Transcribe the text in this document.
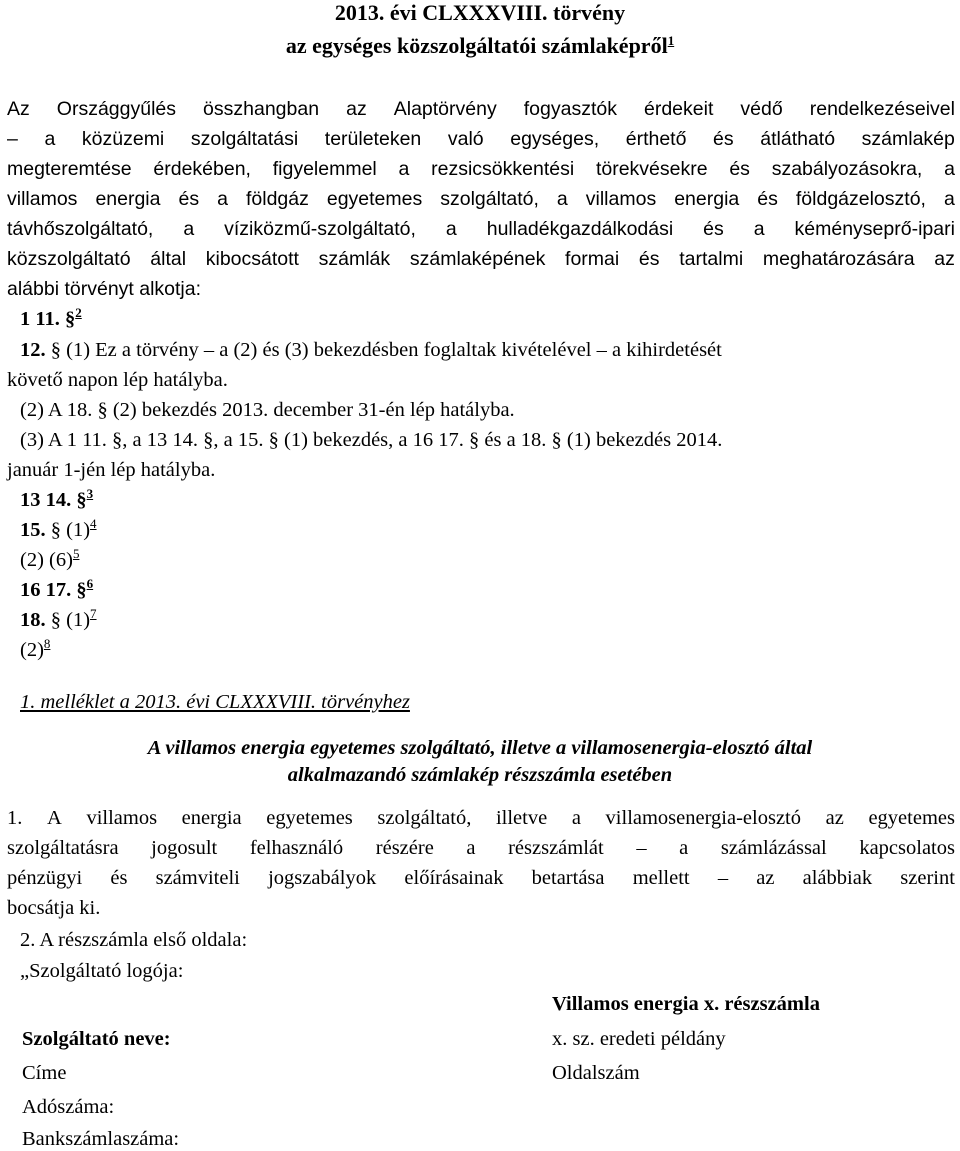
2013. évi CLXXXVIII. törvény
az egységes közszolgáltatói számlaképről$^1$
Az Országgyűlés összhangban az Alaptörvény fogyasztók érdekeit védő rendelkezéseivel
– a közüzemi szolgáltatási területeken való egységes, érthető és átlátható számlakép
megteremtése érdekében, figyelemmel a rezsicsökkentési törekvésekre és szabályozásokra, a
villamos energia és a földgáz egyetemes szolgáltató, a villamos energia és földgázelosztó, a
távhőszolgáltató, a víziközmű-szolgáltató, a hulladékgazdálkodási és a kéményseprő-ipari
közszolgáltató által kibocsátott számlák számlaképének formai és tartalmi meghatározására az
alábbi törvényt alkotja:
1 11. §$^2$
12. § (1) Ez a törvény – a (2) és (3) bekezdésben foglaltak kivételével – a kihirdetését
követő napon lép hatályba.
(2) A 18. § (2) bekezdés 2013. december 31-én lép hatályba.
(3) A 1 11. §, a 13 14. §, a 15. § (1) bekezdés, a 16 17. § és a 18. § (1) bekezdés 2014.
január 1-jén lép hatályba.
13 14. §$^3$
15. § $(1)^4$
(2) $(6)^5$
16 17. §$^6$
18. § $(1)^7$
$(2)^8$
1. melléklet a 2013. évi CLXXXVIII. törvényhez
A villamos energia egyetemes szolgáltató, illetve a villamosenergia-elosztó által
alkalmazandó számlakép részszámla esetében
1. A villamos energia egyetemes szolgáltató, illetve a villamosenergia-elosztó az egyetemes
szolgáltatásra jogosult felhasználó részére a részszámlát – a számlázással kapcsolatos
pénzügyi és számviteli jogszabályok előírásainak betartása mellett – az alábbiak szerint
bocsátja ki.
2. A részszámla első oldala:
„Szolgáltató logója:
Villamos energia x. részszámla
Szolgáltató neve:	x. sz. eredeti példány
Címe	Oldalszám
Adószáma:
Bankszámlaszáma:
